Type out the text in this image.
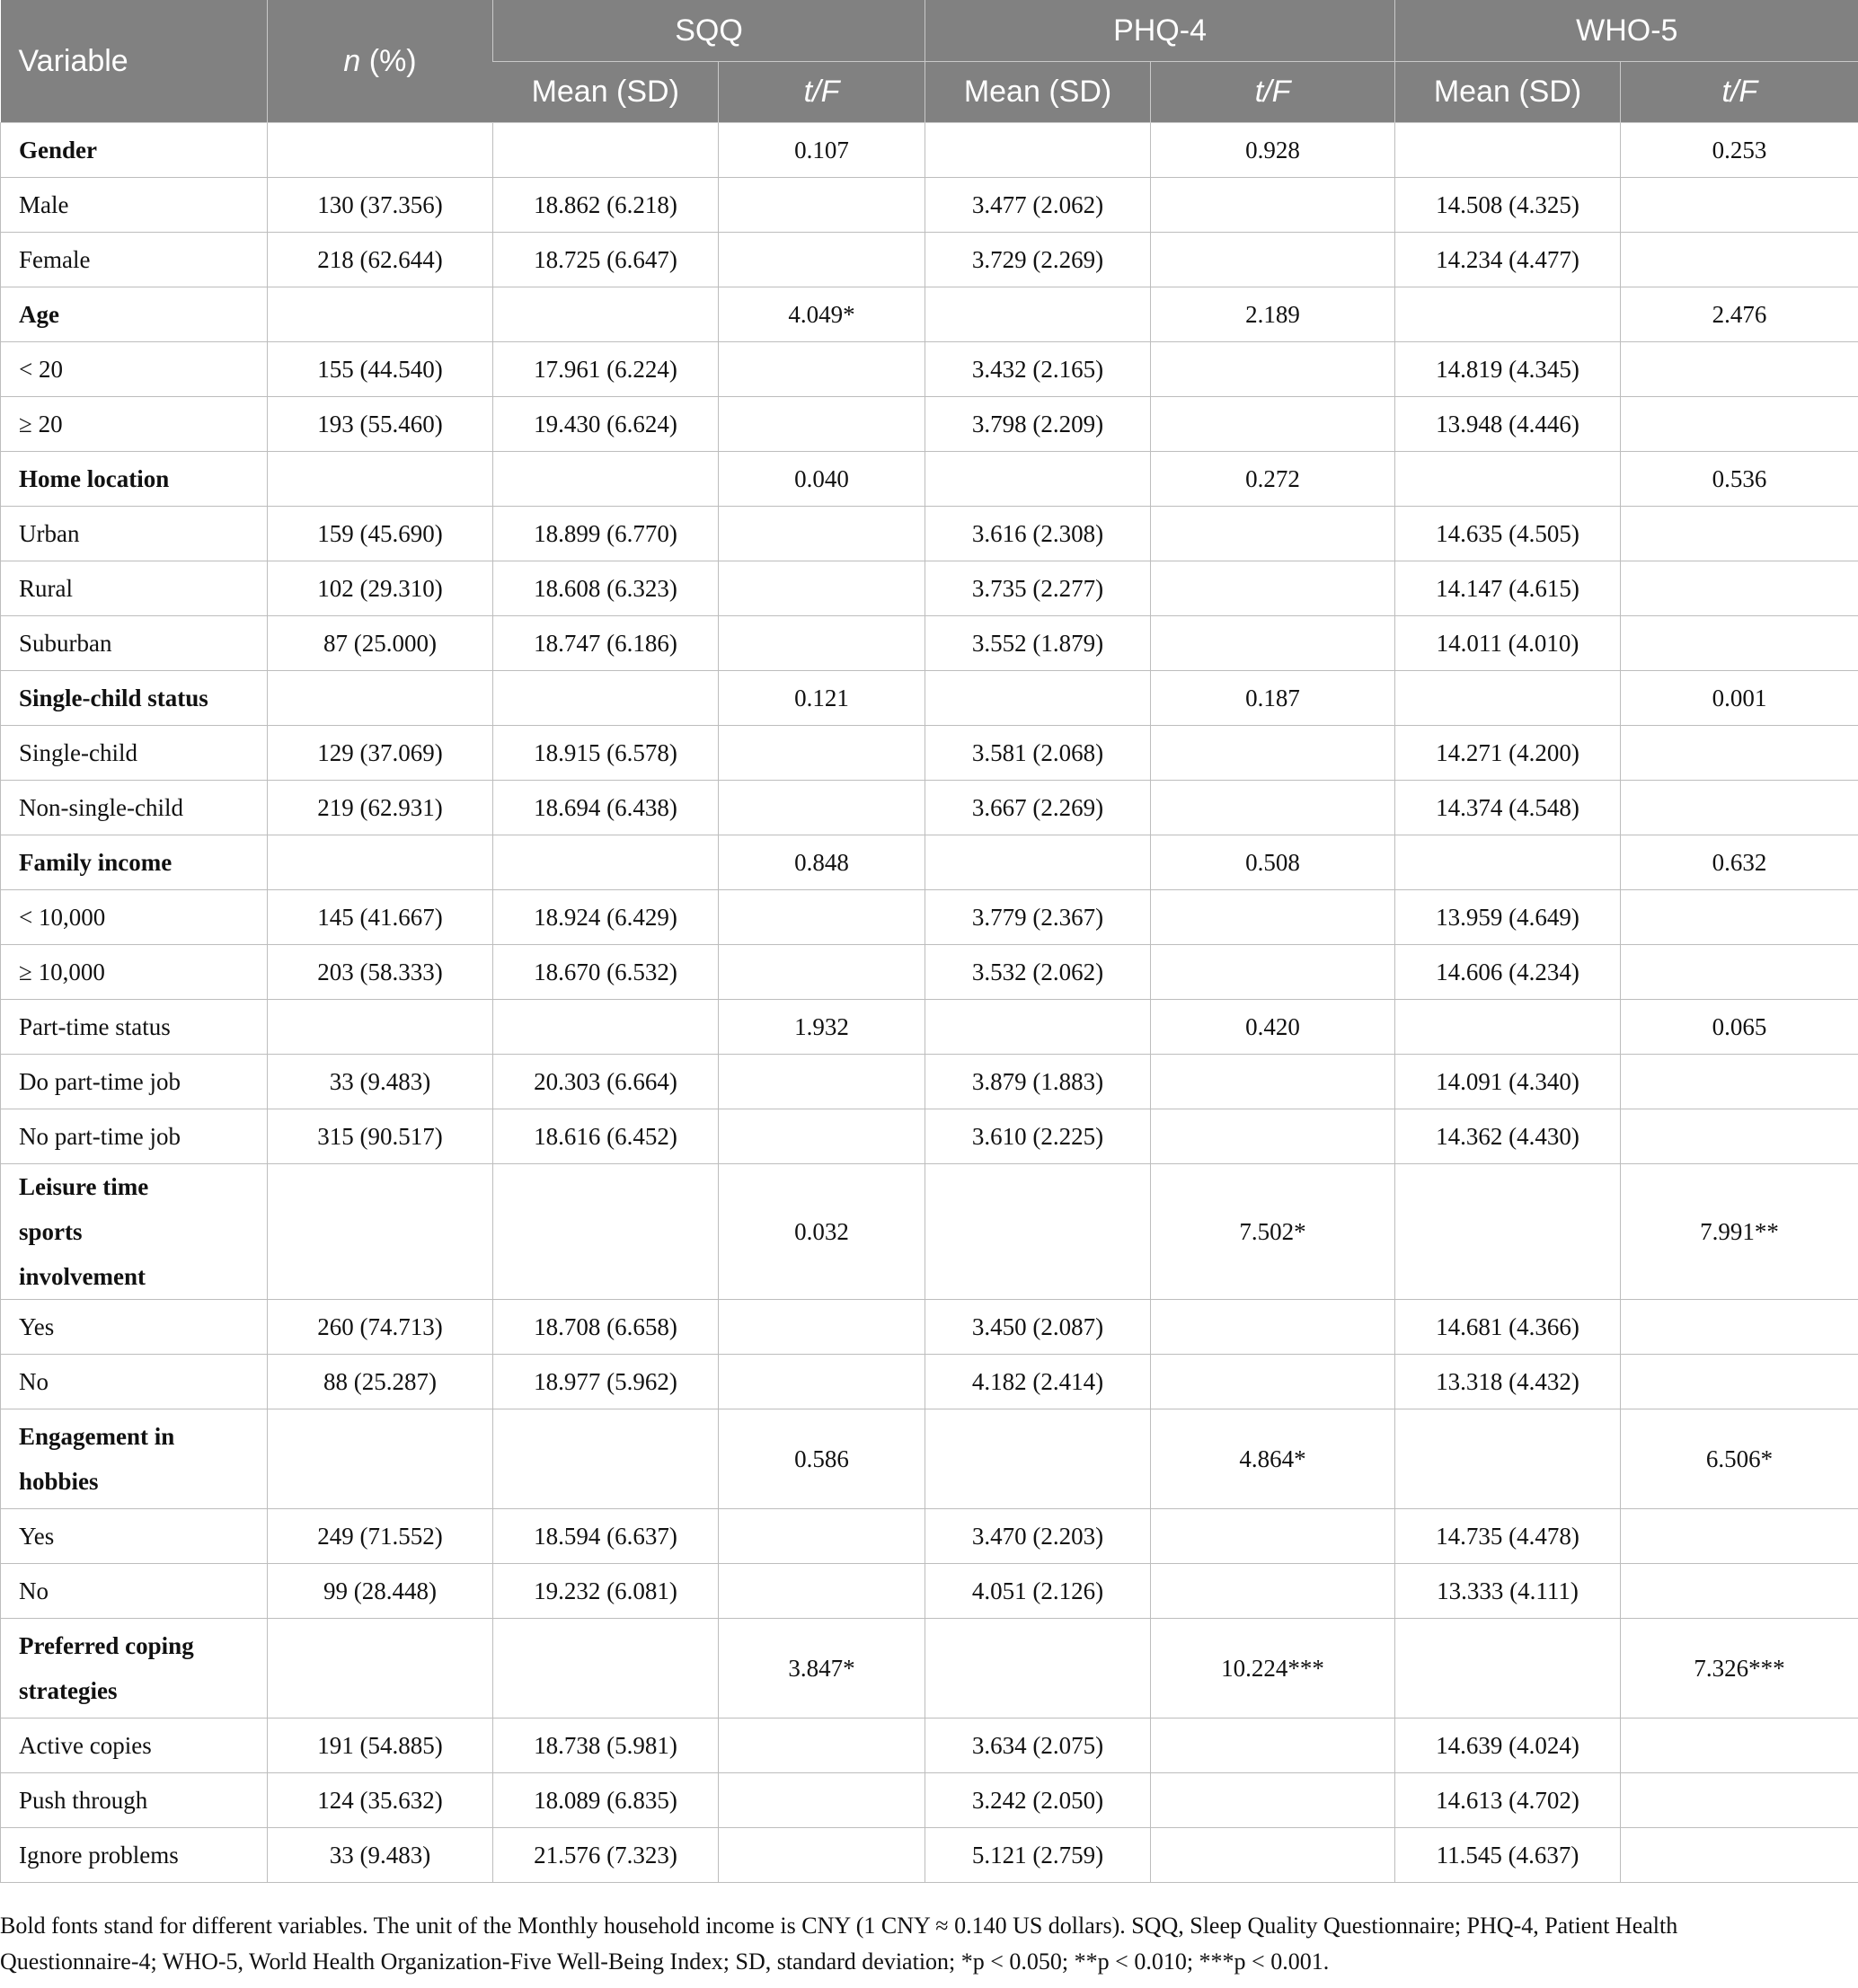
Variable	n (%)	SQQ		PHQ-4		WHO-5	
		Mean (SD)	t/F	Mean (SD)	t/F	Mean (SD)	t/F
Gender			0.107		0.928		0.253
Male	130 (37.356)	18.862 (6.218)		3.477 (2.062)		14.508 (4.325)	
Female	218 (62.644)	18.725 (6.647)		3.729 (2.269)		14.234 (4.477)	
Age			4.049*		2.189		2.476
< 20	155 (44.540)	17.961 (6.224)		3.432 (2.165)		14.819 (4.345)	
≥ 20	193 (55.460)	19.430 (6.624)		3.798 (2.209)		13.948 (4.446)	
Home location			0.040		0.272		0.536
Urban	159 (45.690)	18.899 (6.770)		3.616 (2.308)		14.635 (4.505)	
Rural	102 (29.310)	18.608 (6.323)		3.735 (2.277)		14.147 (4.615)	
Suburban	87 (25.000)	18.747 (6.186)		3.552 (1.879)		14.011 (4.010)	
Single-child status			0.121		0.187		0.001
Single-child	129 (37.069)	18.915 (6.578)		3.581 (2.068)		14.271 (4.200)	
Non-single-child	219 (62.931)	18.694 (6.438)		3.667 (2.269)		14.374 (4.548)	
Family income			0.848		0.508		0.632
< 10,000	145 (41.667)	18.924 (6.429)		3.779 (2.367)		13.959 (4.649)	
≥ 10,000	203 (58.333)	18.670 (6.532)		3.532 (2.062)		14.606 (4.234)	
Part-time status			1.932		0.420		0.065
Do part-time job	33 (9.483)	20.303 (6.664)		3.879 (1.883)		14.091 (4.340)	
No part-time job	315 (90.517)	18.616 (6.452)		3.610 (2.225)		14.362 (4.430)	
Leisure time sports involvement			0.032		7.502*		7.991**
Yes	260 (74.713)	18.708 (6.658)		3.450 (2.087)		14.681 (4.366)	
No	88 (25.287)	18.977 (5.962)		4.182 (2.414)		13.318 (4.432)	
Engagement in hobbies			0.586		4.864*		6.506*
Yes	249 (71.552)	18.594 (6.637)		3.470 (2.203)		14.735 (4.478)	
No	99 (28.448)	19.232 (6.081)		4.051 (2.126)		13.333 (4.111)	
Preferred coping strategies			3.847*		10.224***		7.326***
Active copies	191 (54.885)	18.738 (5.981)		3.634 (2.075)		14.639 (4.024)	
Push through	124 (35.632)	18.089 (6.835)		3.242 (2.050)		14.613 (4.702)	
Ignore problems	33 (9.483)	21.576 (7.323)		5.121 (2.759)		11.545 (4.637)	
Bold fonts stand for different variables. The unit of the Monthly household income is CNY (1 CNY ≈ 0.140 US dollars). SQQ, Sleep Quality Questionnaire; PHQ-4, Patient Health Questionnaire-4; WHO-5, World Health Organization-Five Well-Being Index; SD, standard deviation; *p < 0.050; **p < 0.010; ***p < 0.001.
